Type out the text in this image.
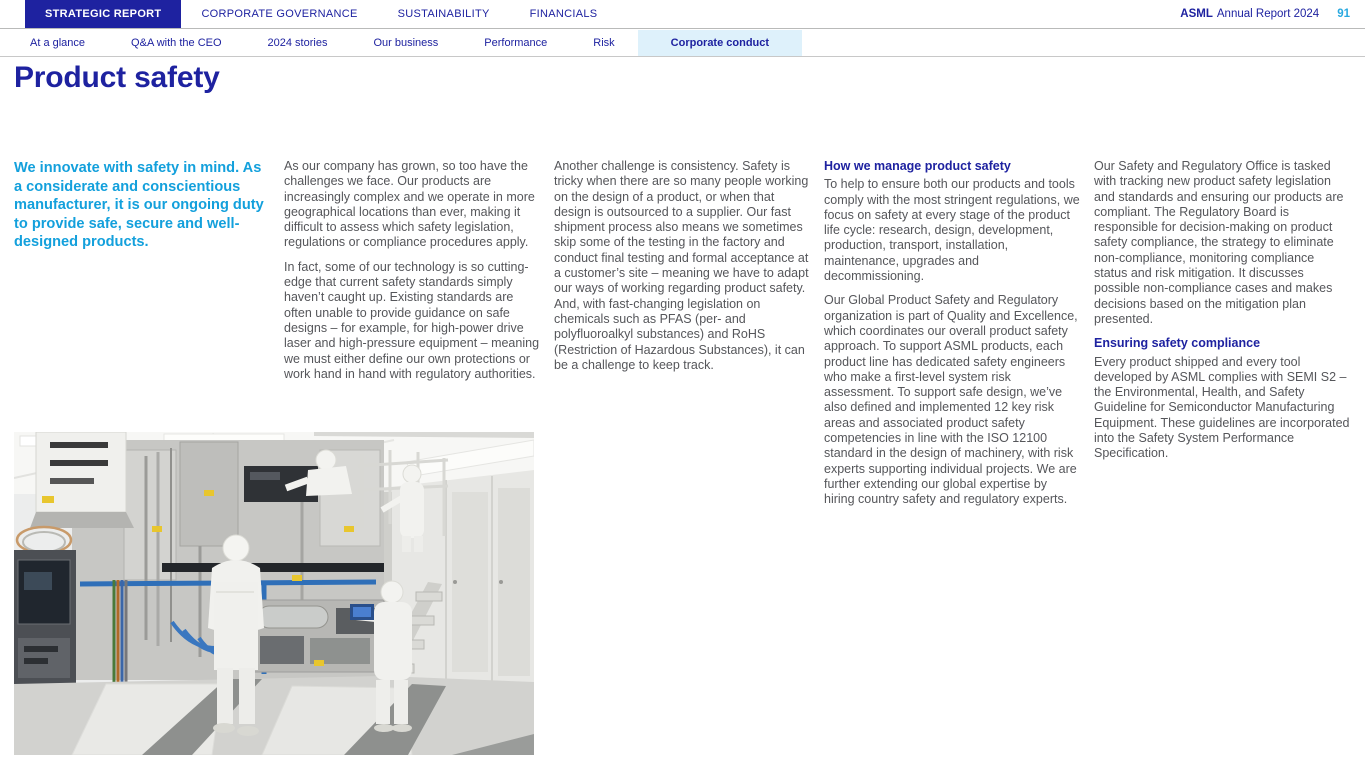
STRATEGIC REPORT	CORPORATE GOVERNANCE	SUSTAINABILITY	FINANCIALS	ASML Annual Report 2024 91
At a glance	Q&A with the CEO	2024 stories	Our business	Performance	Risk	Corporate conduct
Product safety

We innovate with safety in mind. As a considerate and conscientious manufacturer, it is our ongoing duty to provide safe, secure and well-designed products.

As our company has grown, so too have the challenges we face. Our products are increasingly complex and we operate in more geographical locations than ever, making it difficult to assess which safety legislation, regulations or compliance procedures apply.

In fact, some of our technology is so cutting-edge that current safety standards simply haven’t caught up. Existing standards are often unable to provide guidance on safe designs – for example, for high-power drive laser and high-pressure equipment – meaning we must either define our own protections or work hand in hand with regulatory authorities.

Another challenge is consistency. Safety is tricky when there are so many people working on the design of a product, or when that design is outsourced to a supplier. Our fast shipment process also means we sometimes skip some of the testing in the factory and conduct final testing and formal acceptance at a customer’s site – meaning we have to adapt our ways of working regarding product safety. And, with fast-changing legislation on chemicals such as PFAS (per- and polyfluoroalkyl substances) and RoHS (Restriction of Hazardous Substances), it can be a challenge to keep track.

How we manage product safety

To help to ensure both our products and tools comply with the most stringent regulations, we focus on safety at every stage of the product life cycle: research, design, development, production, transport, installation, maintenance, upgrades and decommissioning.

Our Global Product Safety and Regulatory organization is part of Quality and Excellence, which coordinates our overall product safety approach. To support ASML products, each product line has dedicated safety engineers who make a first-level system risk assessment. To support safe design, we’ve also defined and implemented 12 key risk areas and associated product safety competencies in line with the ISO 12100 standard in the design of machinery, with risk experts supporting individual projects. We are further extending our global expertise by hiring country safety and regulatory experts.

Our Safety and Regulatory Office is tasked with tracking new product safety legislation and standards and ensuring our products are compliant. The Regulatory Board is responsible for decision-making on product safety compliance, the strategy to eliminate non-compliance, monitoring compliance status and risk mitigation. It discusses possible non-compliance cases and makes decisions based on the mitigation plan presented.

Ensuring safety compliance

Every product shipped and every tool developed by ASML complies with SEMI S2 – the Environmental, Health, and Safety Guideline for Semiconductor Manufacturing Equipment. These guidelines are incorporated into the Safety System Performance Specification.
